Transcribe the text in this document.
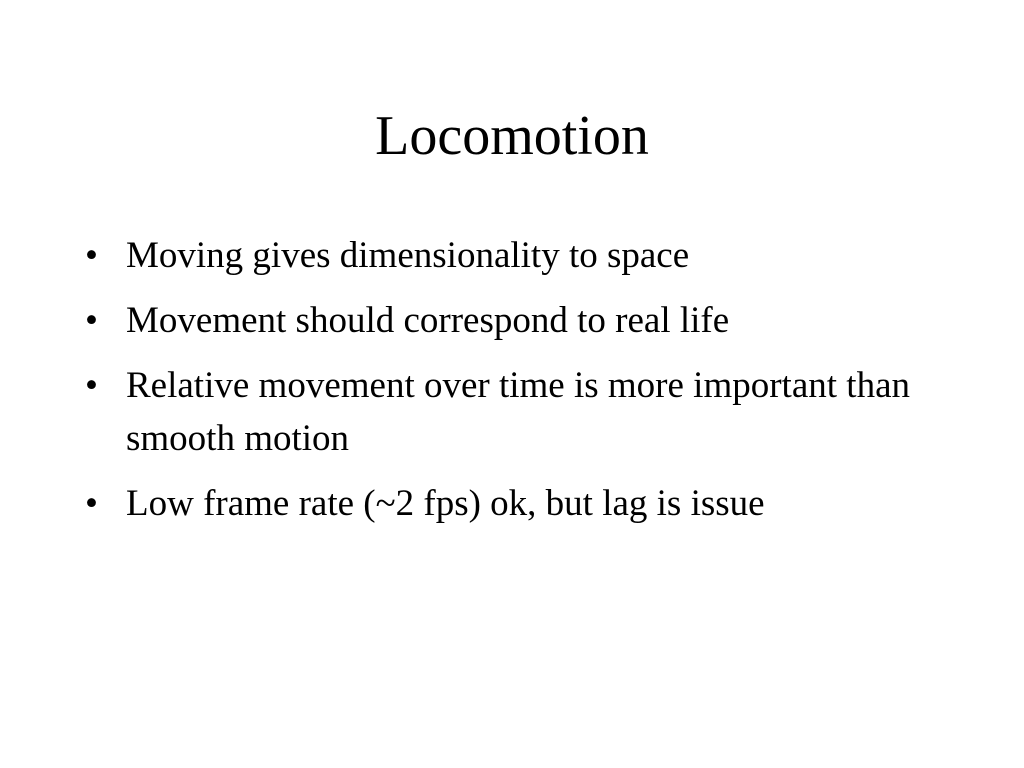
Locomotion
• Moving gives dimensionality to space
• Movement should correspond to real life
• Relative movement over time is more important than smooth motion
• Low frame rate (~2 fps) ok, but lag is issue
